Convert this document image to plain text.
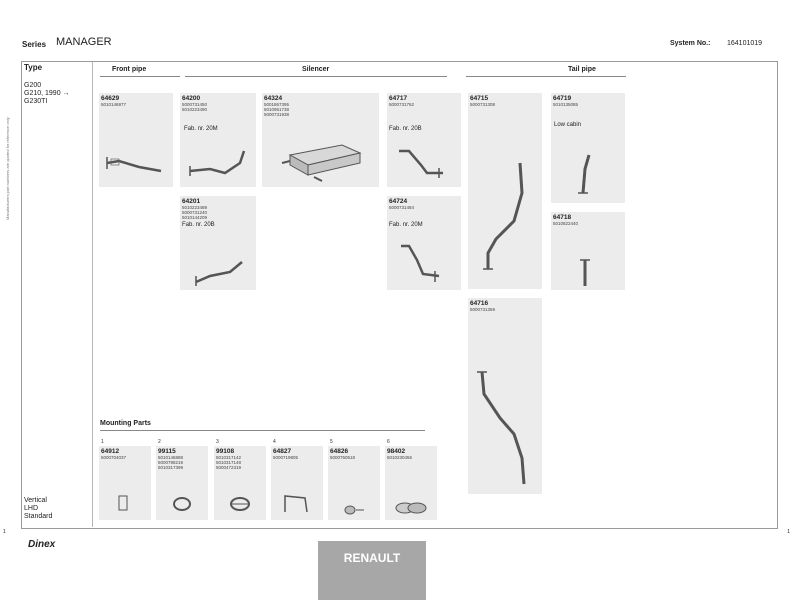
Series MANAGER	System No.: 164101019
Manufacturers part numbers are quoted for reference only
Type
G200
G210, 1990 →
G230TI
Vertical
LHD
Standard
Front pipe	Silencer	Tail pipe
64629
5010146977
64200
5000731450
5010223490
Fab. nr. 20M
64201
5010223489
5000731240
5010144209
Fab. nr. 20B
64324
5001867395
5010951738
5000731938
64717
5000731762
Fab. nr. 20B
64724
5000731484
Fab. nr. 20M
64715
5000731308
64716
5000731359
64719
5010135085
Low cabin
64718
5010822440
Mounting Parts
1
64912
5000704037
2
99115
5010146888
5000798219
5010317399
3
99108
5010317142
5010317148
5000472319
4
64827
5000719805
5
64826
5000750518
6
98402
5010230456
1
1
Dinex
RENAULT
